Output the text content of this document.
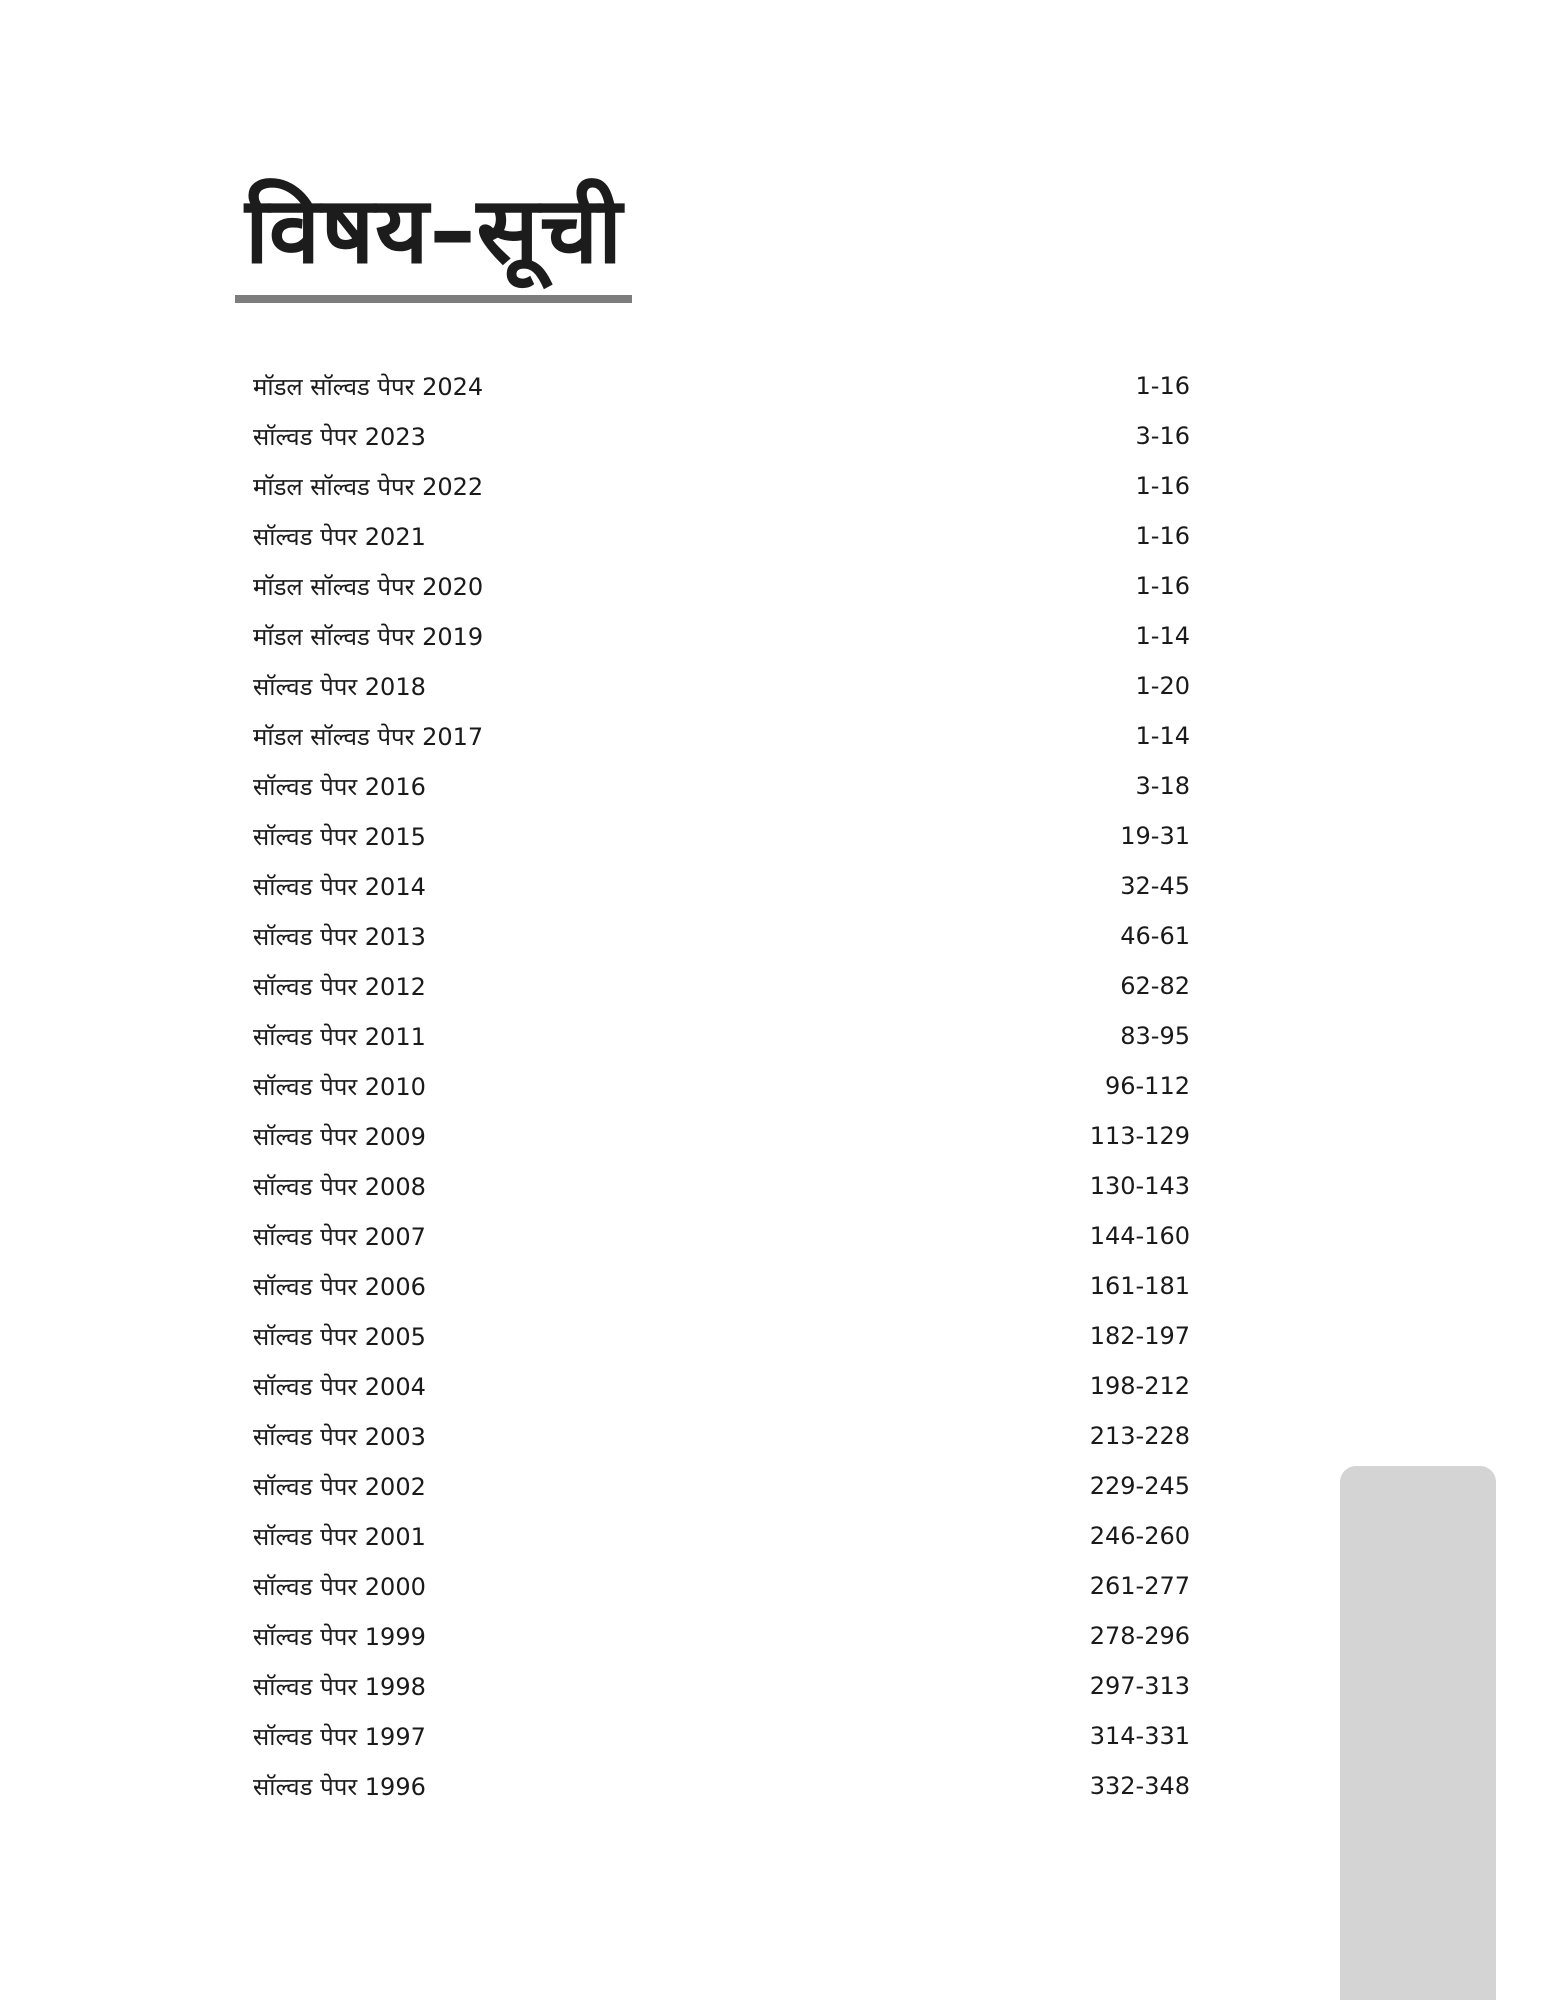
विषय–सूची
मॉडल सॉल्वड पेपर 2024	1-16
सॉल्वड पेपर 2023	3-16
मॉडल सॉल्वड पेपर 2022	1-16
सॉल्वड पेपर 2021	1-16
मॉडल सॉल्वड पेपर 2020	1-16
मॉडल सॉल्वड पेपर 2019	1-14
सॉल्वड पेपर 2018	1-20
मॉडल सॉल्वड पेपर 2017	1-14
सॉल्वड पेपर 2016	3-18
सॉल्वड पेपर 2015	19-31
सॉल्वड पेपर 2014	32-45
सॉल्वड पेपर 2013	46-61
सॉल्वड पेपर 2012	62-82
सॉल्वड पेपर 2011	83-95
सॉल्वड पेपर 2010	96-112
सॉल्वड पेपर 2009	113-129
सॉल्वड पेपर 2008	130-143
सॉल्वड पेपर 2007	144-160
सॉल्वड पेपर 2006	161-181
सॉल्वड पेपर 2005	182-197
सॉल्वड पेपर 2004	198-212
सॉल्वड पेपर 2003	213-228
सॉल्वड पेपर 2002	229-245
सॉल्वड पेपर 2001	246-260
सॉल्वड पेपर 2000	261-277
सॉल्वड पेपर 1999	278-296
सॉल्वड पेपर 1998	297-313
सॉल्वड पेपर 1997	314-331
सॉल्वड पेपर 1996	332-348
